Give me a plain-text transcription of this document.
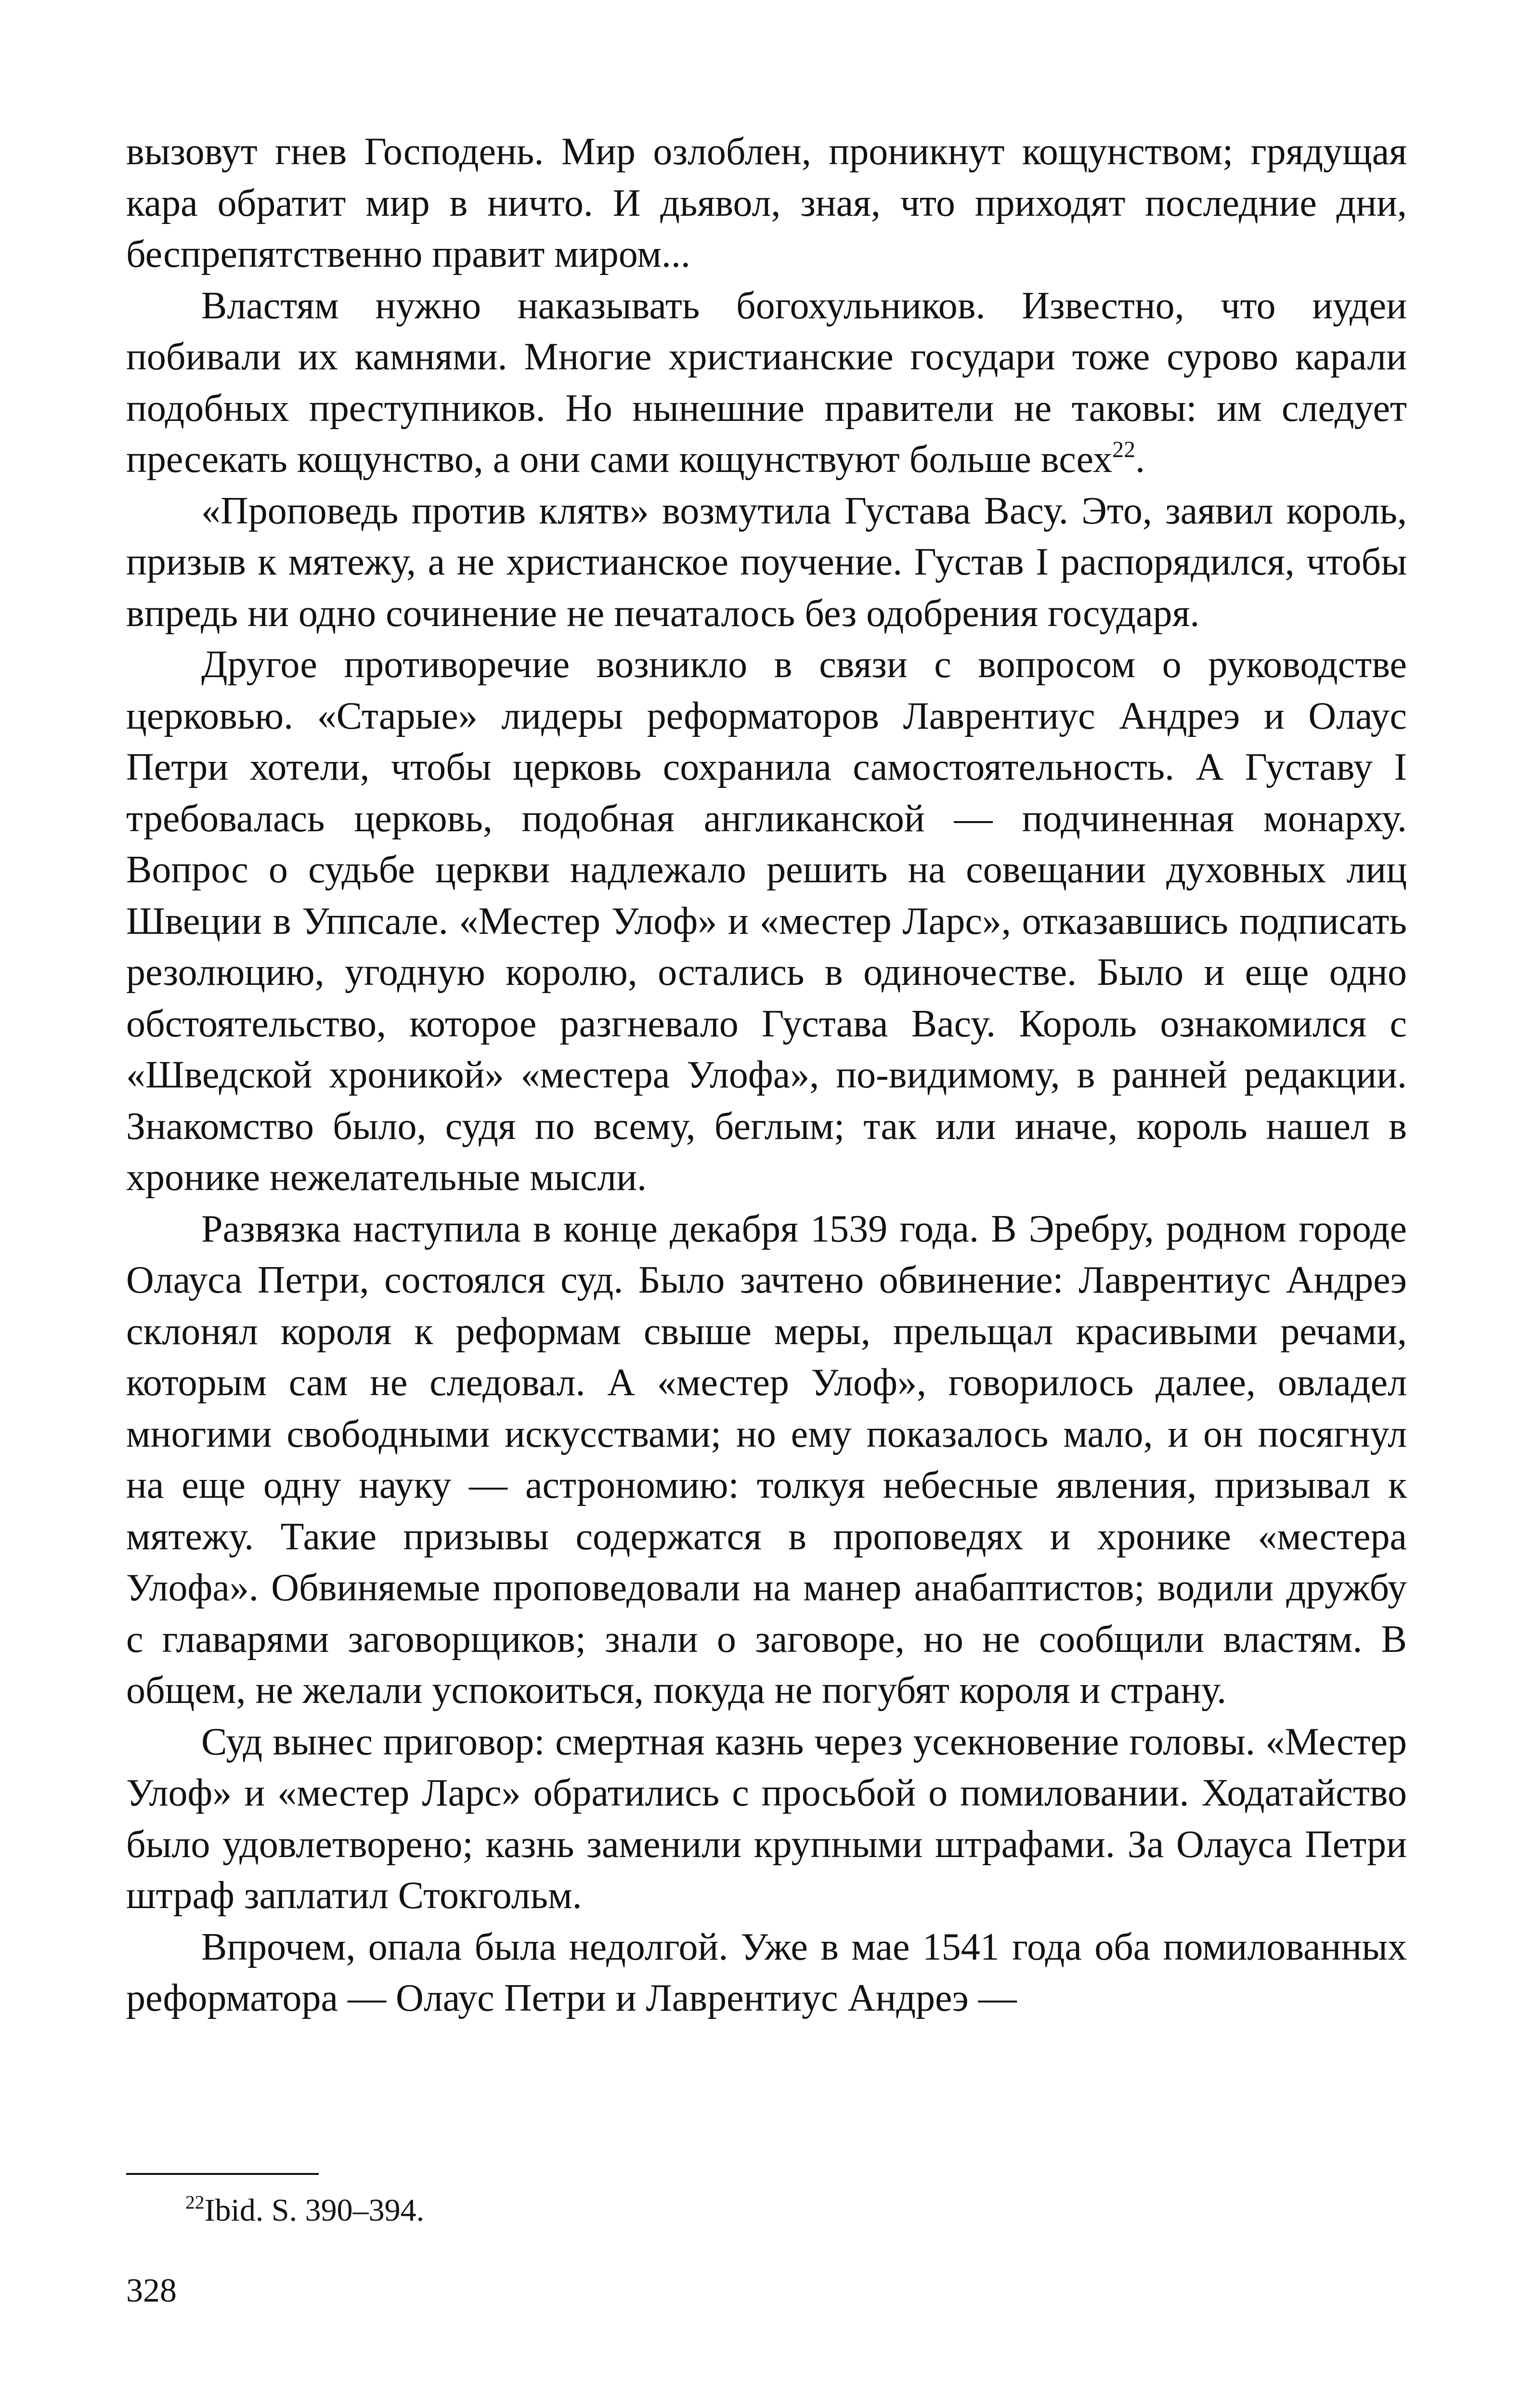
вызовут гнев Господень. Мир озлоблен, проникнут кощунством; грядущая кара обратит мир в ничто. И дьявол, зная, что приходят последние дни, беспрепятственно правит миром...

Властям нужно наказывать богохульников. Известно, что иудеи побивали их камнями. Многие христианские государи тоже сурово карали подобных преступников. Но нынешние правители не таковы: им следует пресекать кощунство, а они сами кощунствуют больше всех$^{22}$.

«Проповедь против клятв» возмутила Густава Васу. Это, заявил король, призыв к мятежу, а не христианское поучение. Густав I распорядился, чтобы впредь ни одно сочинение не печаталось без одобрения государя.

Другое противоречие возникло в связи с вопросом о руководстве церковью. «Старые» лидеры реформаторов Лаврентиус Андреэ и Олаус Петри хотели, чтобы церковь сохранила самостоятельность. А Густаву I требовалась церковь, подобная англиканской — подчиненная монарху. Вопрос о судьбе церкви надлежало решить на совещании духовных лиц Швеции в Уппсале. «Местер Улоф» и «местер Ларс», отказавшись подписать резолюцию, угодную королю, остались в одиночестве. Было и еще одно обстоятельство, которое разгневало Густава Васу. Король ознакомился с «Шведской хроникой» «местера Улофа», по-видимому, в ранней редакции. Знакомство было, судя по всему, беглым; так или иначе, король нашел в хронике нежелательные мысли.

Развязка наступила в конце декабря 1539 года. В Эребру, родном городе Олауса Петри, состоялся суд. Было зачтено обвинение: Лаврентиус Андреэ склонял короля к реформам свыше меры, прельщал красивыми речами, которым сам не следовал. А «местер Улоф», говорилось далее, овладел многими свободными искусствами; но ему показалось мало, и он посягнул на еще одну науку — астрономию: толкуя небесные явления, призывал к мятежу. Такие призывы содержатся в проповедях и хронике «местера Улофа». Обвиняемые проповедовали на манер анабаптистов; водили дружбу с главарями заговорщиков; знали о заговоре, но не сообщили властям. В общем, не желали успокоиться, покуда не погубят короля и страну.

Суд вынес приговор: смертная казнь через усекновение головы. «Местер Улоф» и «местер Ларс» обратились с просьбой о помиловании. Ходатайство было удовлетворено; казнь заменили крупными штрафами. За Олауса Петри штраф заплатил Стокгольм.

Впрочем, опала была недолгой. Уже в мае 1541 года оба помилованных реформатора — Олаус Петри и Лаврентиус Андреэ —

$^{22}$Ibid. S. 390–394.
328
